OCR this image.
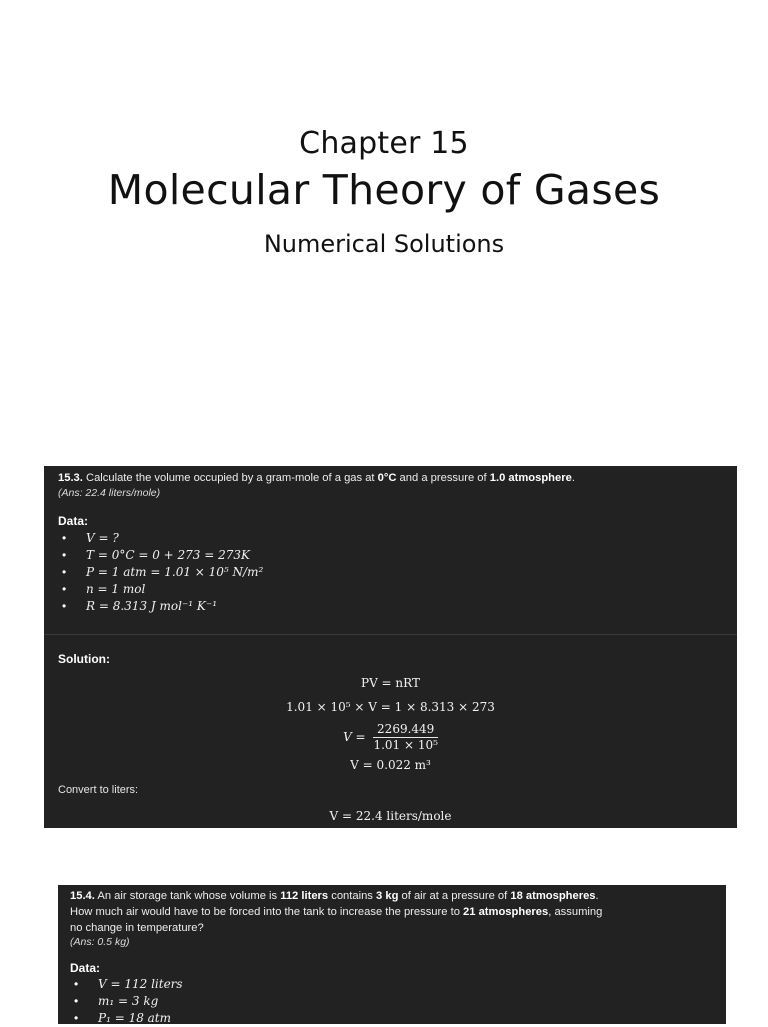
Chapter 15
Molecular Theory of Gases
Numerical Solutions
15.3. Calculate the volume occupied by a gram-mole of a gas at 0°C and a pressure of 1.0 atmosphere.
(Ans: 22.4 liters/mole)
Data:
• V = ?
• T = 0°C = 0 + 273 = 273K
• P = 1 atm = 1.01 × 10⁵ N/m²
• n = 1 mol
• R = 8.313 J mol⁻¹ K⁻¹
Solution:
PV = nRT
1.01 × 10⁵ × V = 1 × 8.313 × 273
$V = \frac{2269.449}{\text{1.01 × 10⁵}}$
V = 0.022 m³
Convert to liters:
V = 22.4 liters/mole
15.4. An air storage tank whose volume is 112 liters contains 3 kg of air at a pressure of 18 atmospheres.
How much air would have to be forced into the tank to increase the pressure to 21 atmospheres, assuming
no change in temperature?
(Ans: 0.5 kg)
Data:
• V = 112 liters
• m₁ = 3 kg
• P₁ = 18 atm
